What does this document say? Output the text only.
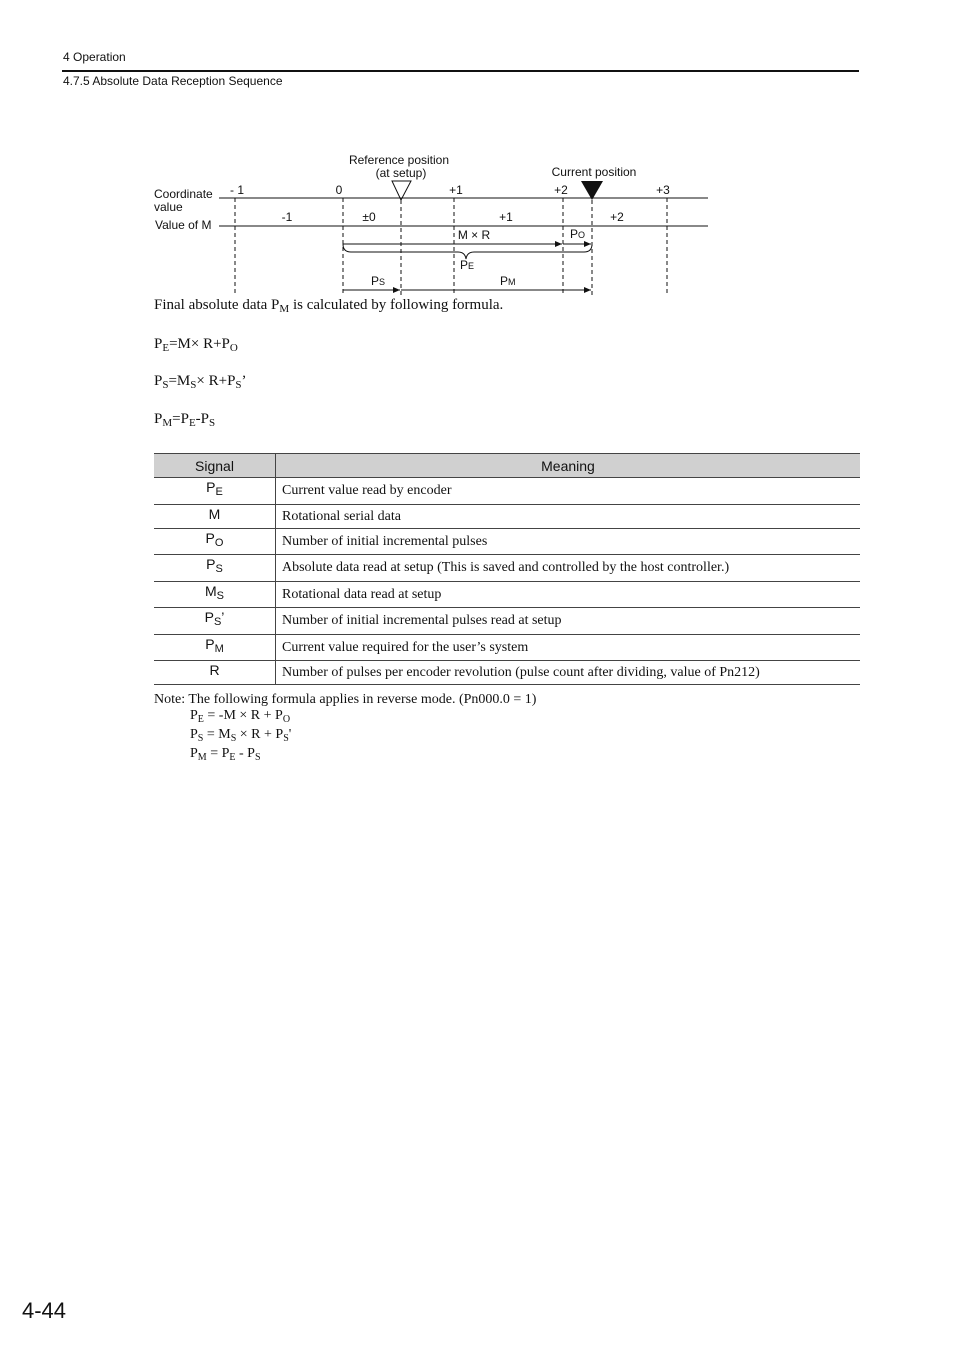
4 Operation
4.7.5 Absolute Data Reception Sequence
Reference position
(at setup)	Current position
Coordinate
value
Value of M
- 1	0	+1	+2	+3
-1	±0	+1	+2
M × R	PO
PE
PS	PM
Final absolute data $P_M$ is calculated by following formula.
$P_E=M\times R+P_O$
$P_S=M_S\times R+P_S$’
$P_M=P_E-P_S$
Signal	Meaning
$P_E$	Current value read by encoder
M	Rotational serial data
$P_O$	Number of initial incremental pulses
$P_S$	Absolute data read at setup (This is saved and controlled by the host controller.)
$M_S$	Rotational data read at setup
$P_S$’	Number of initial incremental pulses read at setup
$P_M$	Current value required for the user’s system
R	Number of pulses per encoder revolution (pulse count after dividing, value of Pn212)
Note: The following formula applies in reverse mode. (Pn000.0 = 1)
$P_E = -M \times R + P_O$
$P_S = M_S \times R + P_S'$
$P_M = P_E - P_S$
4-44
